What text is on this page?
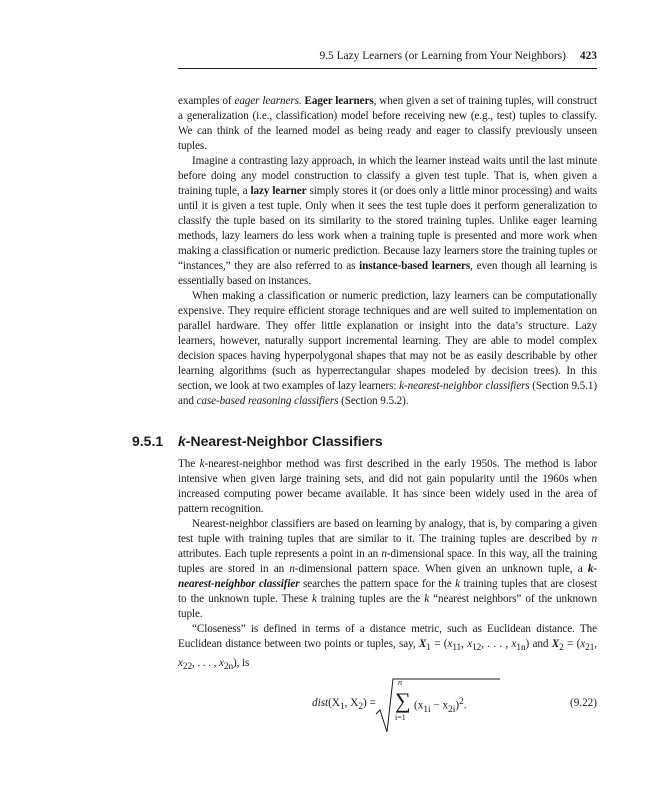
9.5 Lazy Learners (or Learning from Your Neighbors) 423

examples of eager learners. Eager learners, when given a set of training tuples, will construct a generalization (i.e., classification) model before receiving new (e.g., test) tuples to classify. We can think of the learned model as being ready and eager to classify previously unseen tuples.

Imagine a contrasting lazy approach, in which the learner instead waits until the last minute before doing any model construction to classify a given test tuple. That is, when given a training tuple, a lazy learner simply stores it (or does only a little minor processing) and waits until it is given a test tuple. Only when it sees the test tuple does it perform generalization to classify the tuple based on its similarity to the stored training tuples. Unlike eager learning methods, lazy learners do less work when a training tuple is presented and more work when making a classification or numeric prediction. Because lazy learners store the training tuples or “instances,” they are also referred to as instance-based learners, even though all learning is essentially based on instances.

When making a classification or numeric prediction, lazy learners can be computationally expensive. They require efficient storage techniques and are well suited to implementation on parallel hardware. They offer little explanation or insight into the data’s structure. Lazy learners, however, naturally support incremental learning. They are able to model complex decision spaces having hyperpolygonal shapes that may not be as easily describable by other learning algorithms (such as hyperrectangular shapes modeled by decision trees). In this section, we look at two examples of lazy learners: k-nearest-neighbor classifiers (Section 9.5.1) and case-based reasoning classifiers (Section 9.5.2).

9.5.1 k-Nearest-Neighbor Classifiers

The k-nearest-neighbor method was first described in the early 1950s. The method is labor intensive when given large training sets, and did not gain popularity until the 1960s when increased computing power became available. It has since been widely used in the area of pattern recognition.

Nearest-neighbor classifiers are based on learning by analogy, that is, by comparing a given test tuple with training tuples that are similar to it. The training tuples are described by n attributes. Each tuple represents a point in an n-dimensional space. In this way, all the training tuples are stored in an n-dimensional pattern space. When given an unknown tuple, a k-nearest-neighbor classifier searches the pattern space for the k training tuples that are closest to the unknown tuple. These k training tuples are the k “nearest neighbors” of the unknown tuple.

“Closeness” is defined in terms of a distance metric, such as Euclidean distance. The Euclidean distance between two points or tuples, say, $X_1 = (x_{11}$, $x_{12}$, . . . , $x_{1n}$) and $X_2 = (x_{21}$, $x_{22}$, . . . , $x_{2n}$), is

$dist(X_1$, $X_2$) =
n
∑
i=1
$(x_{1i} - x_{2i})^2$.	(9.22)
